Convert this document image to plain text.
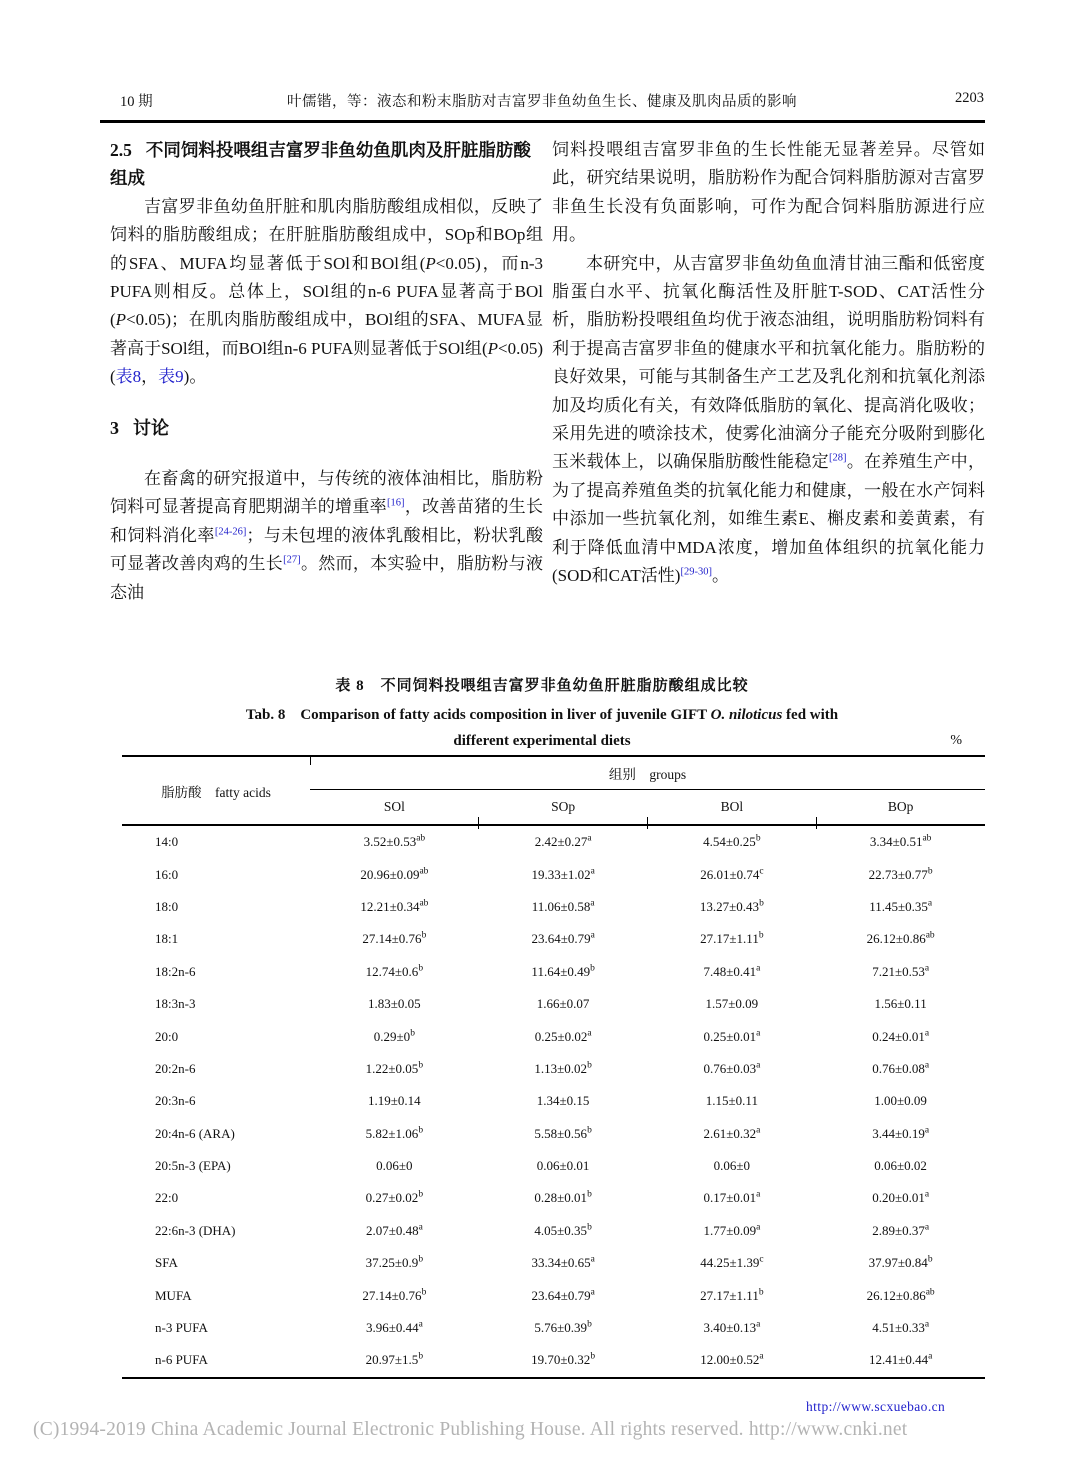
10 期	叶儒锴，等：液态和粉末脂肪对吉富罗非鱼幼鱼生长、健康及肌肉品质的影响	2203
2.5 不同饲料投喂组吉富罗非鱼幼鱼肌肉及肝脏脂肪酸组成

吉富罗非鱼幼鱼肝脏和肌肉脂肪酸组成相似，反映了饲料的脂肪酸组成；在肝脏脂肪酸组成中，SOp和BOp组的SFA、MUFA均显著低于SOl和BOl组(P<0.05)，而n-3 PUFA则相反。总体上，SOl组的n-6 PUFA显著高于BOl (P<0.05)；在肌肉脂肪酸组成中，BOl组的SFA、MUFA显著高于SOl组，而BOl组n-6 PUFA则显著低于SOl组(P<0.05)(表8，表9)。

3 讨论

在畜禽的研究报道中，与传统的液体油相比，脂肪粉饲料可显著提高育肥期湖羊的增重率[16]，改善苗猪的生长和饲料消化率[24-26]；与未包埋的液体乳酸相比，粉状乳酸可显著改善肉鸡的生长[27]。然而，本实验中，脂肪粉与液态油

饲料投喂组吉富罗非鱼的生长性能无显著差异。尽管如此，研究结果说明，脂肪粉作为配合饲料脂肪源对吉富罗非鱼生长没有负面影响，可作为配合饲料脂肪源进行应用。

本研究中，从吉富罗非鱼幼鱼血清甘油三酯和低密度脂蛋白水平、抗氧化酶活性及肝脏T-SOD、CAT活性分析，脂肪粉投喂组鱼均优于液态油组，说明脂肪粉饲料有利于提高吉富罗非鱼的健康水平和抗氧化能力。脂肪粉的良好效果，可能与其制备生产工艺及乳化剂和抗氧化剂添加及均质化有关，有效降低脂肪的氧化、提高消化吸收；采用先进的喷涂技术，使雾化油滴分子能充分吸附到膨化玉米载体上，以确保脂肪酸性能稳定[28]。在养殖生产中，为了提高养殖鱼类的抗氧化能力和健康，一般在水产饲料中添加一些抗氧化剂，如维生素E、槲皮素和姜黄素，有利于降低血清中MDA浓度，增加鱼体组织的抗氧化能力(SOD和CAT活性)[29-30]。

表 8　不同饲料投喂组吉富罗非鱼幼鱼肝脏脂肪酸组成比较
Tab. 8　Comparison of fatty acids composition in liver of juvenile GIFT O. niloticus fed with
different experimental diets	%
脂肪酸　fatty acids
组别　groups
SOl	SOp	BOl	BOp
14:0	3.52±0.53$^{ab}$	2.42±0.27$^a$	4.54±0.25$^b$	3.34±0.51$^{ab}$
16:0	20.96±0.09$^{ab}$	19.33±1.02$^a$	26.01±0.74$^c$	22.73±0.77$^b$
18:0	12.21±0.34$^{ab}$	11.06±0.58$^a$	13.27±0.43$^b$	11.45±0.35$^a$
18:1	27.14±0.76$^b$	23.64±0.79$^a$	27.17±1.11$^b$	26.12±0.86$^{ab}$
18:2n-6	12.74±0.6$^b$	11.64±0.49$^b$	7.48±0.41$^a$	7.21±0.53$^a$
18:3n-3	1.83±0.05	1.66±0.07	1.57±0.09	1.56±0.11
20:0	$0.29\pm 0^b$	0.25±0.02$^a$	0.25±0.01$^a$	0.24±0.01$^a$
20:2n-6	1.22±0.05$^b$	1.13±0.02$^b$	0.76±0.03$^a$	0.76±0.08$^a$
20:3n-6	1.19±0.14	1.34±0.15	1.15±0.11	1.00±0.09
20:4n-6 (ARA)	5.82±1.06$^b$	5.58±0.56$^b$	2.61±0.32$^a$	3.44±0.19$^a$
20:5n-3 (EPA)	0.06±0	0.06±0.01	0.06±0	0.06±0.02
22:0	0.27±0.02$^b$	0.28±0.01$^b$	0.17±0.01$^a$	0.20±0.01$^a$
22:6n-3 (DHA)	2.07±0.48$^a$	4.05±0.35$^b$	1.77±0.09$^a$	2.89±0.37$^a$
SFA	37.25±0.9$^b$	33.34±0.65$^a$	44.25±1.39$^c$	37.97±0.84$^b$
MUFA	27.14±0.76$^b$	23.64±0.79$^a$	27.17±1.11$^b$	26.12±0.86$^{ab}$
n-3 PUFA	3.96±0.44$^a$	5.76±0.39$^b$	3.40±0.13$^a$	4.51±0.33$^a$
n-6 PUFA	20.97±1.5$^b$	19.70±0.32$^b$	12.00±0.52$^a$	12.41±0.44$^a$
http://www.scxuebao.cn
(C)1994-2019 China Academic Journal Electronic Publishing House. All rights reserved. http://www.cnki.net
